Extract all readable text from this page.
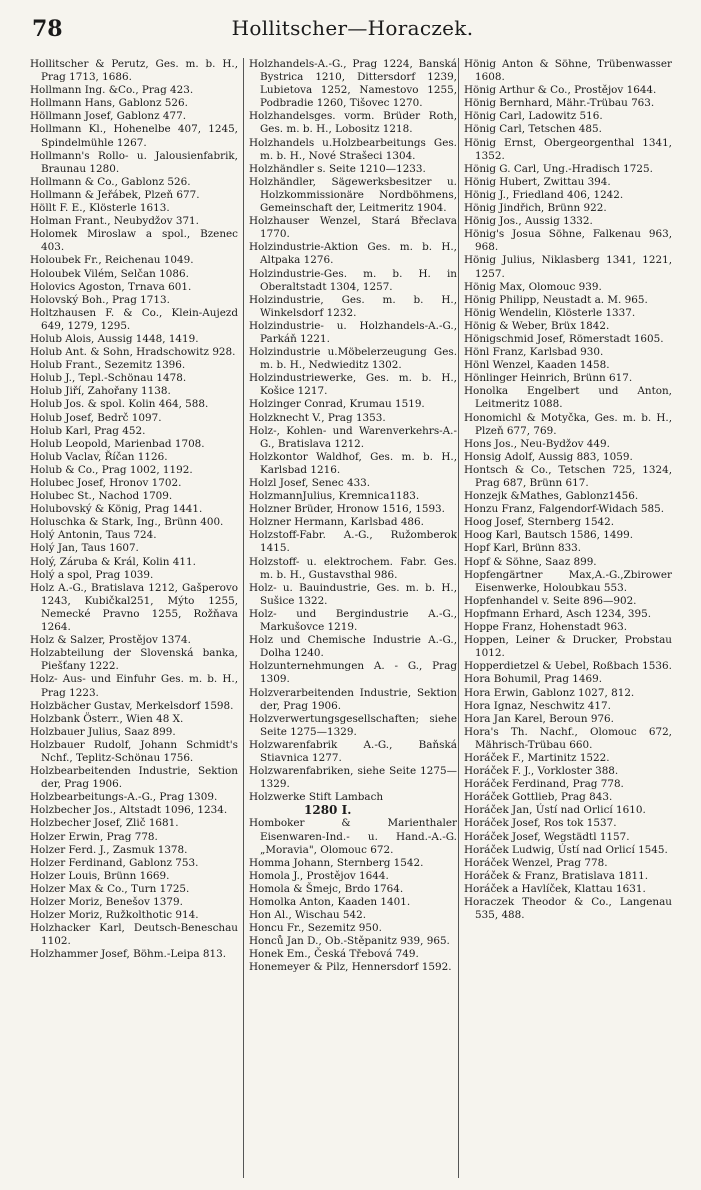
78	Hollitscher—Horaczek.

Hollitscher & Perutz, Ges. m. b. H., Prag 1713, 1686.

Hollmann Ing. &Co., Prag 423.

Hollmann Hans, Gablonz 526.

Höllmann Josef, Gablonz 477.

Hollmann Kl., Hohenelbe 407, 1245, Spindelmühle 1267.

Hollmann's Rollo- u. Jalousienfabrik, Braunau 1280.

Hollmann & Co., Gablonz 526.

Hollmann & Jeřábek, Plzeň 677.

Höllt F. E., Klösterle 1613.

Holman Frant., Neubydžov 371.

Holomek Miroslaw a spol., Bzenec 403.

Holoubek Fr., Reichenau 1049.

Holoubek Vilém, Selčan 1086.

Holovics Agoston, Trnava 601.

Holovský Boh., Prag 1713.

Holtzhausen F. & Co., Klein-Aujezd 649, 1279, 1295.

Holub Alois, Aussig 1448, 1419.

Holub Ant. & Sohn, Hradschowitz 928.

Holub Frant., Sezemitz 1396.

Holub J., Tepl.-Schönau 1478.

Holub Jiří, Zahořany 1138.

Holub Jos. & spol. Kolin 464, 588.

Holub Josef, Bedrč 1097.

Holub Karl, Prag 452.

Holub Leopold, Marienbad 1708.

Holub Vaclav, Říčan 1126.

Holub & Co., Prag 1002, 1192.

Holubec Josef, Hronov 1702.

Holubec St., Nachod 1709.

Holubovský & König, Prag 1441.

Holuschka & Stark, Ing., Brünn 400.

Holý Antonin, Taus 724.

Holý Jan, Taus 1607.

Holý, Záruba & Král, Kolin 411.

Holý a spol, Prag 1039.

Holz A.-G., Bratislava 1212, Gašperovo 1243, Kubičkal251, Mýto 1255, Nemecké Pravno 1255, Rožňava 1264.

Holz & Salzer, Prostějov 1374.

Holzabteilung der Slovenská banka, Piešťany 1222.

Holz- Aus- und Einfuhr Ges. m. b. H., Prag 1223.

Holzbächer Gustav, Merkelsdorf 1598.

Holzbank Österr., Wien 48 X.

Holzbauer Julius, Saaz 899.

Holzbauer Rudolf, Johann Schmidt's Nchf., Teplitz-Schönau 1756.

Holzbearbeitenden Industrie, Sektion der, Prag 1906.

Holzbearbeitungs-A.-G., Prag 1309.

Holzbecher Jos., Altstadt 1096, 1234.

Holzbecher Josef, Zlič 1681.

Holzer Erwin, Prag 778.

Holzer Ferd. J., Zasmuk 1378.

Holzer Ferdinand, Gablonz 753.

Holzer Louis, Brünn 1669.

Holzer Max & Co., Turn 1725.

Holzer Moriz, Benešov 1379.

Holzer Moriz, Ružkolthotic 914.

Holzhacker Karl, Deutsch-Beneschau 1102.

Holzhammer Josef, Böhm.-Leipa 813.

Holzhandels-A.-G., Prag 1224, Banská Bystrica 1210, Dittersdorf 1239, Lubietova 1252, Namestovo 1255, Podbradie 1260, Tišovec 1270.

Holzhandelsges. vorm. Brüder Roth, Ges. m. b. H., Lobositz 1218.

Holzhandels u.Holzbearbeitungs Ges. m. b. H., Nové Strašeci 1304.

Holzhändler s. Seite 1210—1233.

Holzhändler, Sägewerksbesitzer u. Holzkommissionäre Nordböhmens, Gemeinschaft der, Leitmeritz 1904.

Holzhauser Wenzel, Stará Břeclava 1770.

Holzindustrie-Aktion Ges. m. b. H., Altpaka 1276.

Holzindustrie-Ges. m. b. H. in Oberaltstadt 1304, 1257.

Holzindustrie, Ges. m. b. H., Winkelsdorf 1232.

Holzindustrie- u. Holzhandels-A.-G., Parkáň 1221.

Holzindustrie u.Möbelerzeugung Ges. m. b. H., Nedwieditz 1302.

Holzindustriewerke, Ges. m. b. H., Košice 1217.

Holzinger Conrad, Krumau 1519.

Holzknecht V., Prag 1353.

Holz-, Kohlen- und Warenverkehrs-A.-G., Bratislava 1212.

Holzkontor Waldhof, Ges. m. b. H., Karlsbad 1216.

Holzl Josef, Senec 433.

HolzmannJulius, Kremnica1183.

Holzner Brüder, Hronow 1516, 1593.

Holzner Hermann, Karlsbad 486.

Holzstoff-Fabr. A.-G., Ružomberok 1415.

Holzstoff- u. elektrochem. Fabr. Ges. m. b. H., Gustavsthal 986.

Holz- u. Bauindustrie, Ges. m. b. H., Sušice 1322.

Holz- und Bergindustrie A.-G., Markušovce 1219.

Holz und Chemische Industrie A.-G., Dolha 1240.

Holzunternehmungen A. - G., Prag 1309.

Holzverarbeitenden Industrie, Sektion der, Prag 1906.

Holzverwertungsgesellschaften; siehe Seite 1275—1329.

Holzwarenfabrik A.-G., Baňská Stiavnica 1277.

Holzwarenfabriken, siehe Seite 1275—1329.

Holzwerke Stift Lambach

1280 I.

Homboker & Marienthaler Eisenwaren-Ind.- u. Hand.-A.-G. „Moravia", Olomouc 672.

Homma Johann, Sternberg 1542.

Homola J., Prostějov 1644.

Homola & Šmejc, Brdo 1764.

Homolka Anton, Kaaden 1401.

Hon Al., Wischau 542.

Honcu Fr., Sezemitz 950.

Honců Jan D., Ob.-Stěpanitz 939, 965.

Honek Em., Česká Třebová 749.

Honemeyer & Pilz, Hennersdorf 1592.

Hönig Anton & Söhne, Trübenwasser 1608.

Hönig Arthur & Co., Prostějov 1644.

Hönig Bernhard, Mähr.-Trübau 763.

Hönig Carl, Ladowitz 516.

Hönig Carl, Tetschen 485.

Hönig Ernst, Obergeorgenthal 1341, 1352.

Hönig G. Carl, Ung.-Hradisch 1725.

Hönig Hubert, Zwittau 394.

Hönig J., Friedland 406, 1242.

Hönig Jindřich, Brünn 922.

Hönig Jos., Aussig 1332.

Hönig's Josua Söhne, Falkenau 963, 968.

Hönig Julius, Niklasberg 1341, 1221, 1257.

Hönig Max, Olomouc 939.

Hönig Philipp, Neustadt a. M. 965.

Hönig Wendelin, Klösterle 1337.

Hönig & Weber, Brüx 1842.

Hönigschmid Josef, Römerstadt 1605.

Hönl Franz, Karlsbad 930.

Hönl Wenzel, Kaaden 1458.

Hönlinger Heinrich, Brünn 617.

Honolka Engelbert und Anton, Leitmeritz 1088.

Honomichl & Motyčka, Ges. m. b. H., Plzeň 677, 769.

Hons Jos., Neu-Bydžov 449.

Honsig Adolf, Aussig 883, 1059.

Hontsch & Co., Tetschen 725, 1324, Prag 687, Brünn 617.

Honzejk &Mathes, Gablonz1456.

Honzu Franz, Falgendorf-Widach 585.

Hoog Josef, Sternberg 1542.

Hoog Karl, Bautsch 1586, 1499.

Hopf Karl, Brünn 833.

Hopf & Söhne, Saaz 899.

Hopfengärtner Max,A.-G.,Zbirower Eisenwerke, Holoubkau 553.

Hopfenhandel v. Seite 896—902.

Hopfmann Erhard, Asch 1234, 395.

Hoppe Franz, Hohenstadt 963.

Hoppen, Leiner & Drucker, Probstau 1012.

Hopperdietzel & Uebel, Roßbach 1536.

Hora Bohumil, Prag 1469.

Hora Erwin, Gablonz 1027, 812.

Hora Ignaz, Neschwitz 417.

Hora Jan Karel, Beroun 976.

Hora's Th. Nachf., Olomouc 672, Mährisch-Trübau 660.

Horáček F., Martinitz 1522.

Horáček F. J., Vorkloster 388.

Horáček Ferdinand, Prag 778.

Horáček Gottlieb, Prag 843.

Horáček Jan, Ústí nad Orlicí 1610.

Horáček Josef, Ros tok 1537.

Horáček Josef, Wegstädtl 1157.

Horáček Ludwig, Ústí nad Orlicí 1545.

Horáček Wenzel, Prag 778.

Horáček & Franz, Bratislava 1811.

Horáček a Havlíček, Klattau 1631.

Horaczek Theodor & Co., Langenau 535, 488.
